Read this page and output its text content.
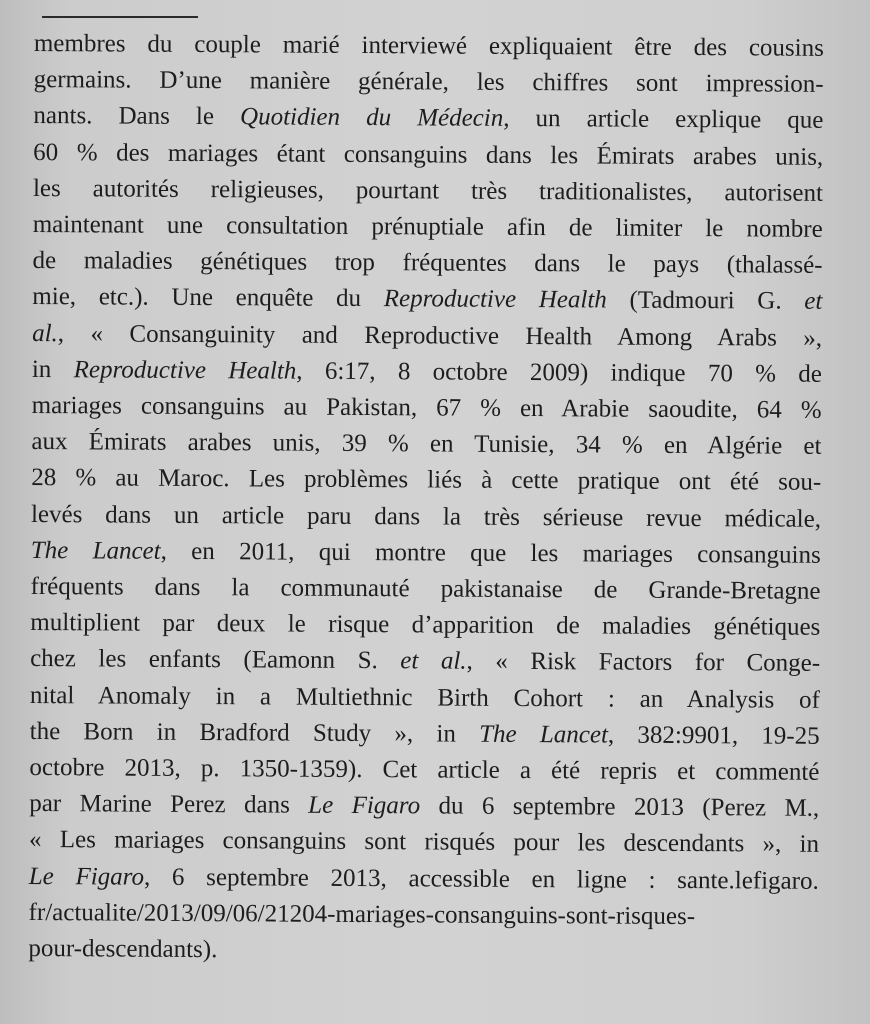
membres du couple marié interviewé expliquaient être des cousins
germains. D’une manière générale, les chiffres sont impression-
nants. Dans le Quotidien du Médecin, un article explique que
60 % des mariages étant consanguins dans les Émirats arabes unis,
les autorités religieuses, pourtant très traditionalistes, autorisent
maintenant une consultation prénuptiale afin de limiter le nombre
de maladies génétiques trop fréquentes dans le pays (thalassé-
mie, etc.). Une enquête du Reproductive Health (Tadmouri G. et
al., « Consanguinity and Reproductive Health Among Arabs »,
in Reproductive Health, 6:17, 8 octobre 2009) indique 70 % de
mariages consanguins au Pakistan, 67 % en Arabie saoudite, 64 %
aux Émirats arabes unis, 39 % en Tunisie, 34 % en Algérie et
28 % au Maroc. Les problèmes liés à cette pratique ont été sou-
levés dans un article paru dans la très sérieuse revue médicale,
The Lancet, en 2011, qui montre que les mariages consanguins
fréquents dans la communauté pakistanaise de Grande-Bretagne
multiplient par deux le risque d’apparition de maladies génétiques
chez les enfants (Eamonn S. et al., « Risk Factors for Conge-
nital Anomaly in a Multiethnic Birth Cohort : an Analysis of
the Born in Bradford Study », in The Lancet, 382:9901, 19-25
octobre 2013, p. 1350-1359). Cet article a été repris et commenté
par Marine Perez dans Le Figaro du 6 septembre 2013 (Perez M.,
« Les mariages consanguins sont risqués pour les descendants », in
Le Figaro, 6 septembre 2013, accessible en ligne : sante.lefigaro.
fr/actualite/2013/09/06/21204-mariages-consanguins-sont-risques-
pour-descendants).
